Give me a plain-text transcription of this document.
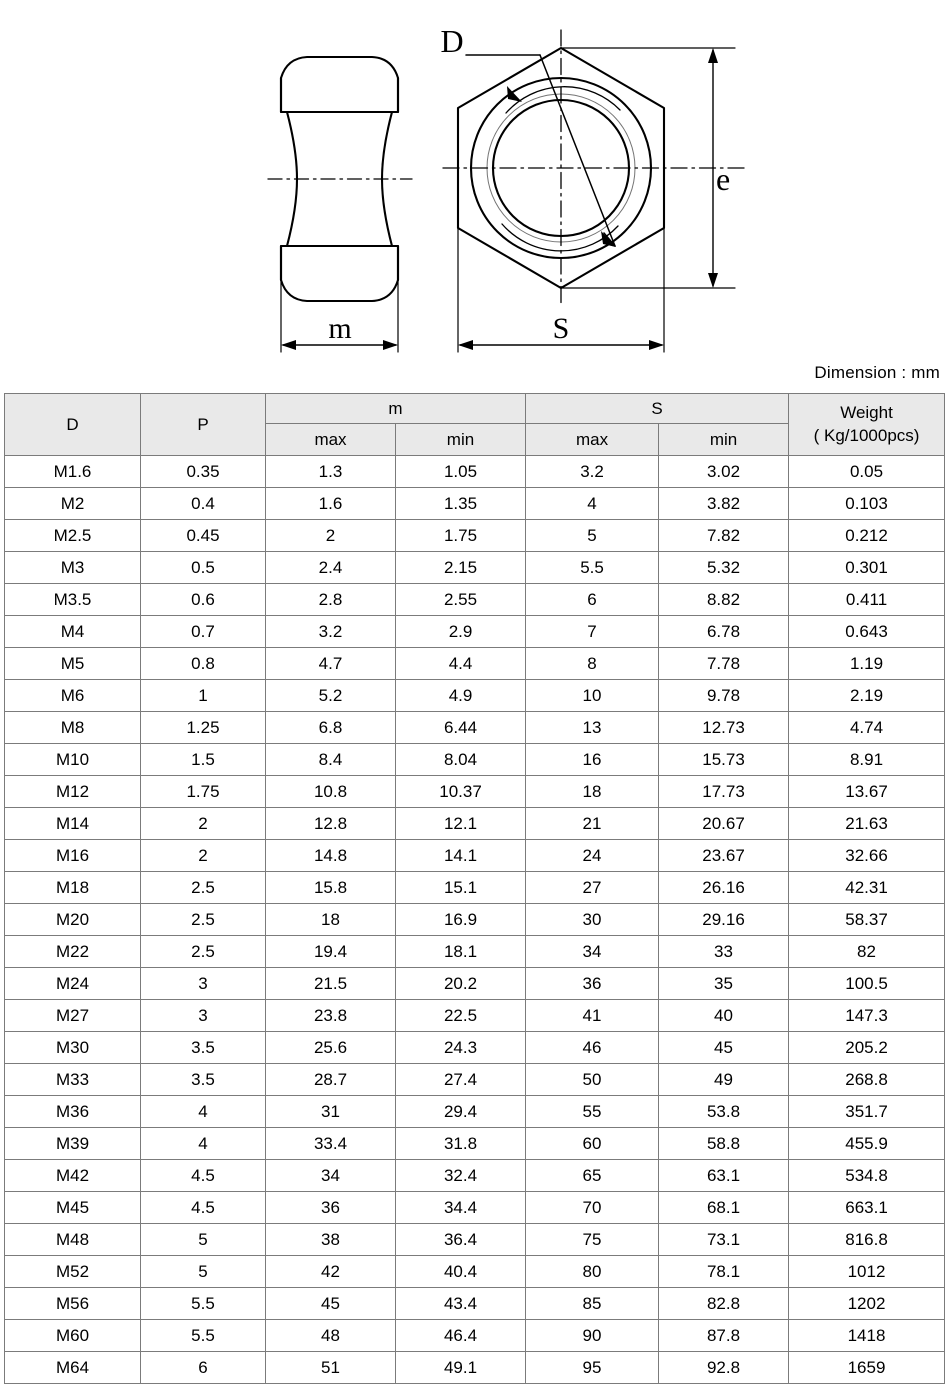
m	S
D
e
Dimension : mm
D	P	m		S		Weight
( Kg/1000pcs)

		max	min	max	min	
M1.6	0.35	1.3	1.05	3.2	3.02	0.05
M2	0.4	1.6	1.35	4	3.82	0.103
M2.5	0.45	2	1.75	5	7.82	0.212
M3	0.5	2.4	2.15	5.5	5.32	0.301
M3.5	0.6	2.8	2.55	6	8.82	0.411
M4	0.7	3.2	2.9	7	6.78	0.643
M5	0.8	4.7	4.4	8	7.78	1.19
M6	1	5.2	4.9	10	9.78	2.19
M8	1.25	6.8	6.44	13	12.73	4.74
M10	1.5	8.4	8.04	16	15.73	8.91
M12	1.75	10.8	10.37	18	17.73	13.67
M14	2	12.8	12.1	21	20.67	21.63
M16	2	14.8	14.1	24	23.67	32.66
M18	2.5	15.8	15.1	27	26.16	42.31
M20	2.5	18	16.9	30	29.16	58.37
M22	2.5	19.4	18.1	34	33	82
M24	3	21.5	20.2	36	35	100.5
M27	3	23.8	22.5	41	40	147.3
M30	3.5	25.6	24.3	46	45	205.2
M33	3.5	28.7	27.4	50	49	268.8
M36	4	31	29.4	55	53.8	351.7
M39	4	33.4	31.8	60	58.8	455.9
M42	4.5	34	32.4	65	63.1	534.8
M45	4.5	36	34.4	70	68.1	663.1
M48	5	38	36.4	75	73.1	816.8
M52	5	42	40.4	80	78.1	1012
M56	5.5	45	43.4	85	82.8	1202
M60	5.5	48	46.4	90	87.8	1418
M64	6	51	49.1	95	92.8	1659
